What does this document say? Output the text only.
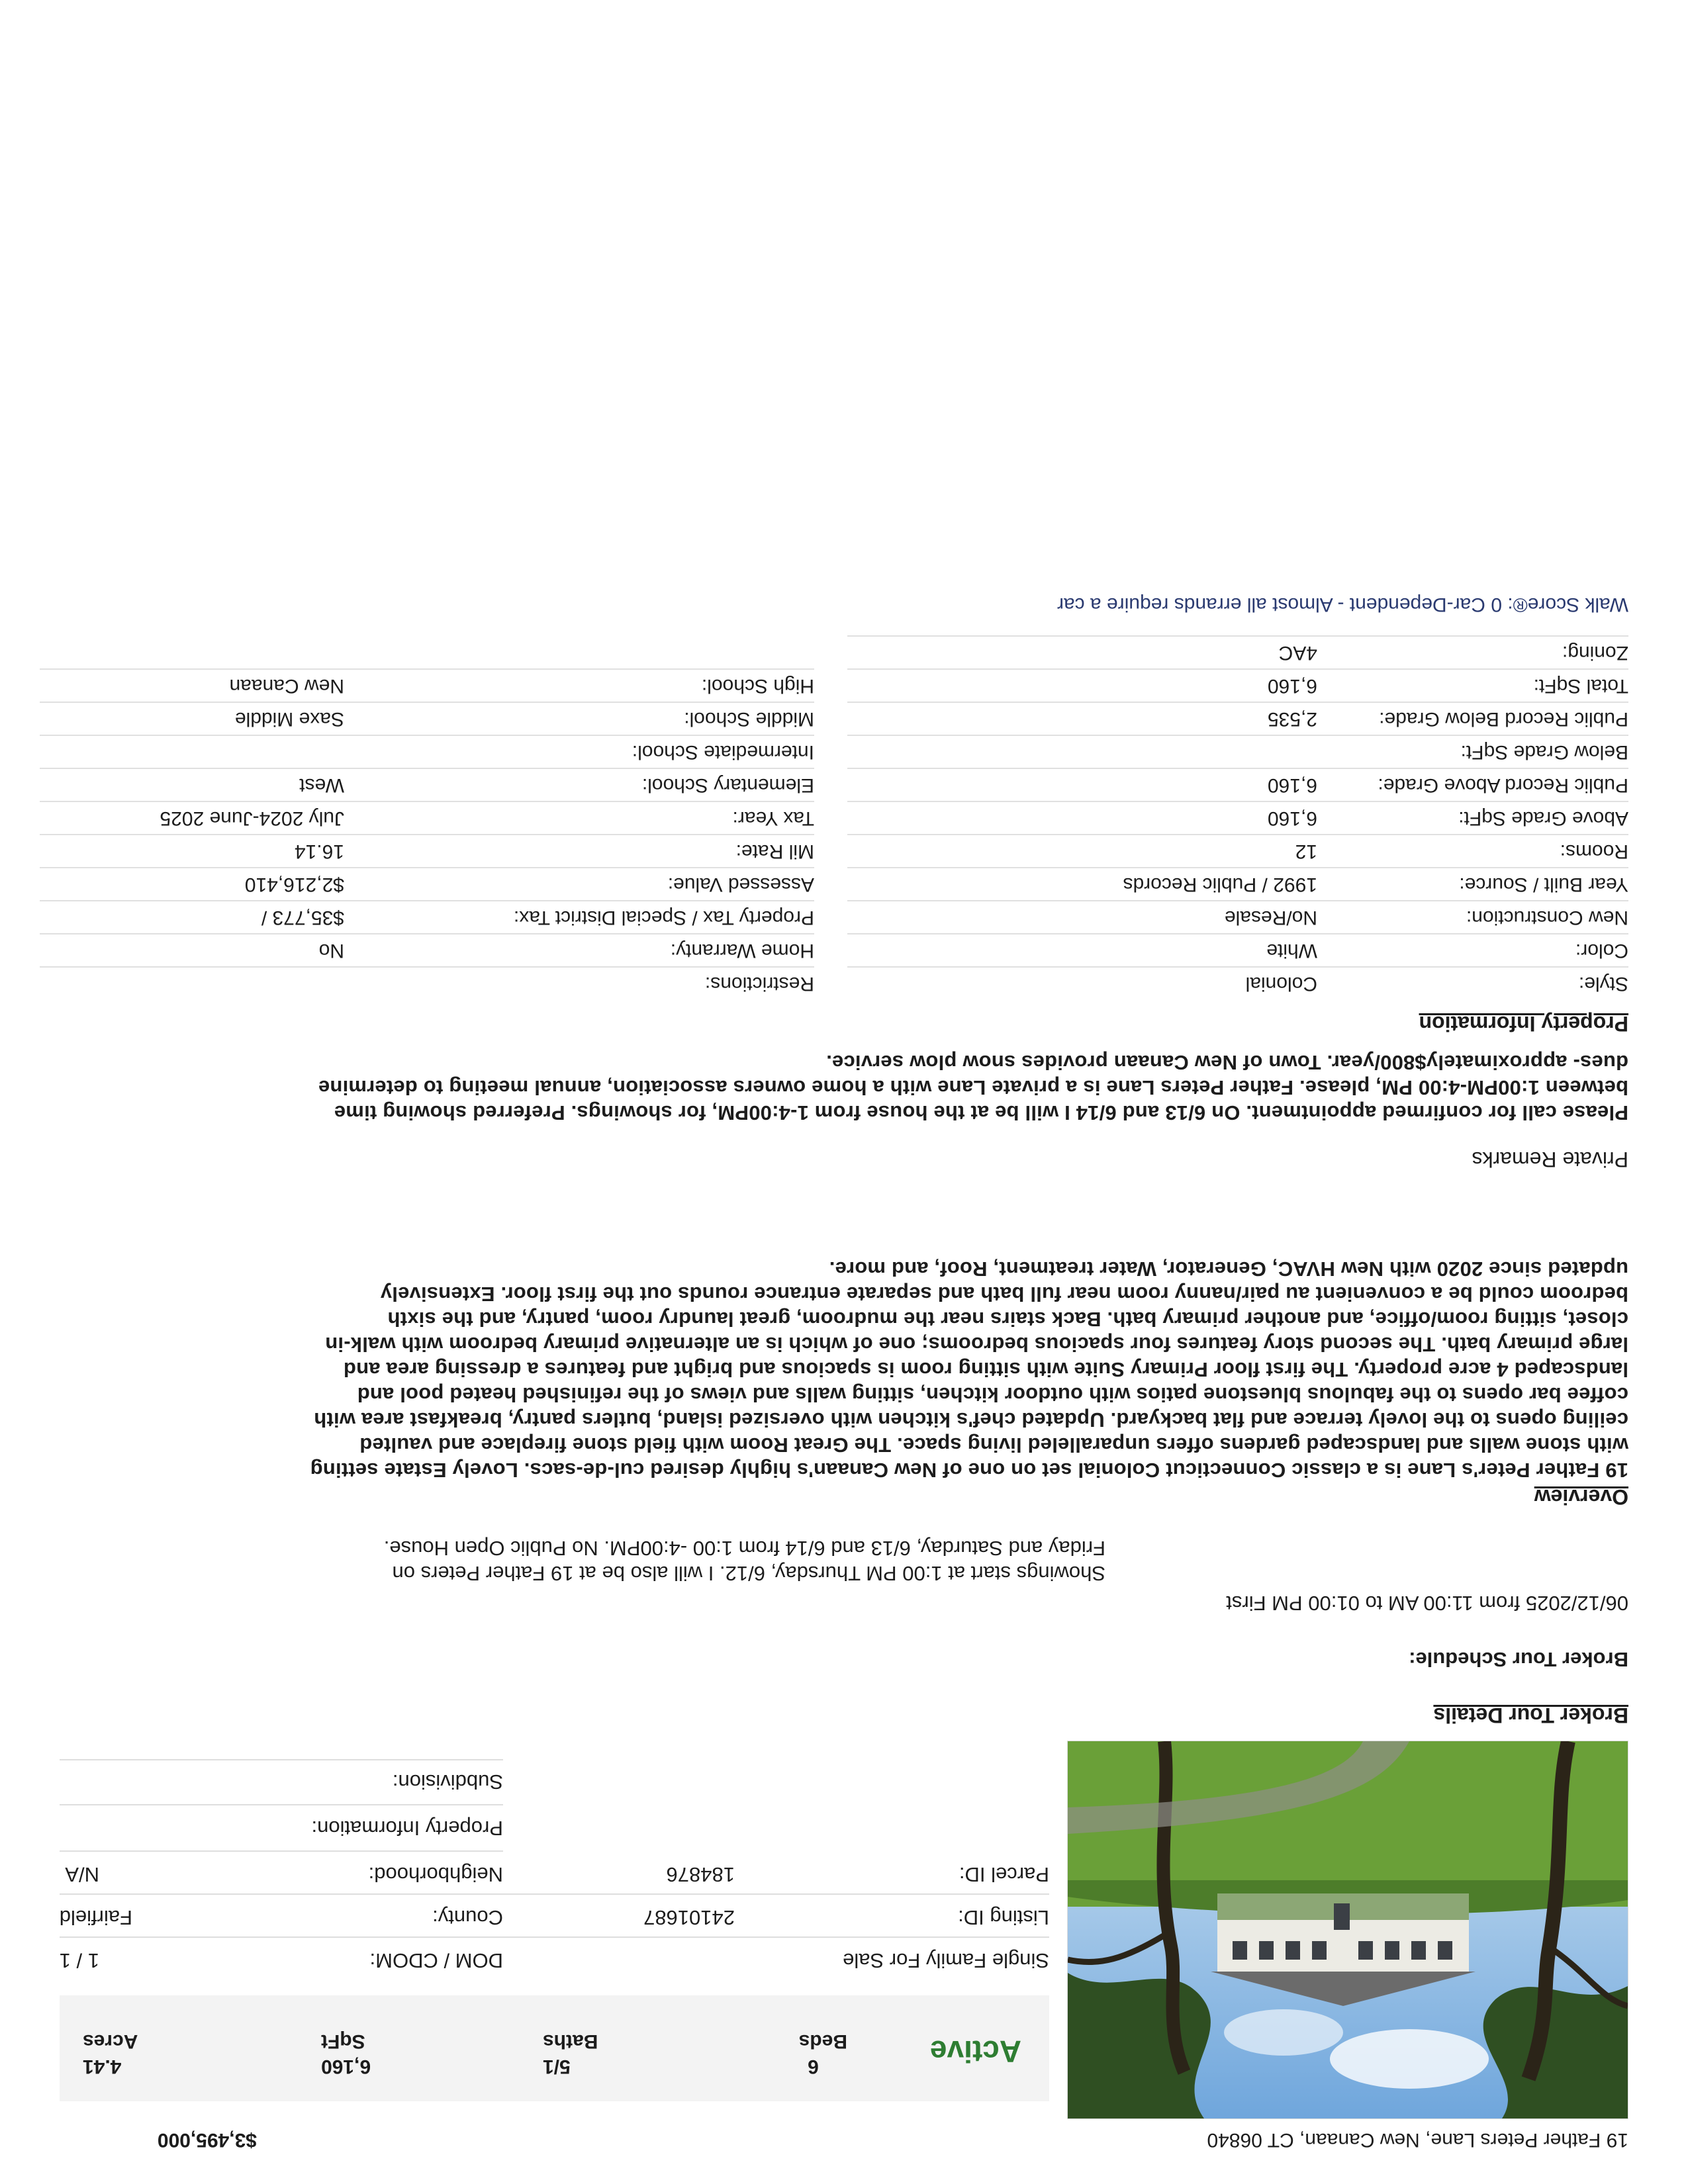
19 Father Peters Lane, New Canaan, CT 06840
$3,495,000
Active
6
Beds
5/1
Baths
6,160
SqFt
4.41
Acres
Single Family For Sale
DOM / CDOM:
1 / 1
Listing ID:
24101687
County:
Fairfield
Parcel ID:
184876
Neighborhood:
N/A
Property Information:
Subdivision:
Broker Tour Details
Broker Tour Schedule:
06/12/2025 from 11:00 AM to 01:00 PM First
Showings start at 1:00 PM Thursday, 6/12. I will also be at 19 Father Peters on
Friday and Saturday, 6/13 and 6/14 from 1:00 -4:00PM. No Public Open House.
Overview
19 Father Peter's Lane is a classic Connecticut Colonial set on one of New Canaan's highly desired cul-de-sacs. Lovely Estate setting
with stone walls and landscaped gardens offers unparalleled living space. The Great Room with field stone fireplace and vaulted
ceiling opens to the lovely terrace and flat backyard. Updated chef's kitchen with oversized island, butlers pantry, breakfast area with
coffee bar opens to the fabulous bluestone patios with outdoor kitchen, sitting walls and views of the refinished heated pool and
landscaped 4 acre property. The first floor Primary Suite with sitting room is spacious and bright and features a dressing area and
large primary bath. The second story features four spacious bedrooms; one of which is an alternative primary bedroom with walk-in
closet, sitting room/office, and another primary bath. Back stairs near the mudroom, great laundry room, pantry, and the sixth
bedroom could be a convenient au pair/nanny room near full bath and separate entrance rounds out the first floor. Extensively
updated since 2020 with New HVAC, Generator, Water treatment, Roof, and more.
Private Remarks
Please call for confirmed appointment. On 6/13 and 6/14 I will be at the house from 1-4:00PM, for showings. Preferred showing time
between 1:00PM-4:00 PM, please. Father Peters Lane is a private Lane with a home owners association, annual meeting to determine
dues- approximately$800/year. Town of New Canaan provides snow plow service.
Property Information
Style:
Colonial
Color:
White
New Construction:
No/Resale
Year Built / Source:
1992 / Public Records
Rooms:
12
Above Grade SqFt:
6,160
Public Record Above Grade:
6,160
Below Grade SqFt:
Public Record Below Grade:
2,535
Total SqFt:
6,160
Zoning:
4AC
Restrictions:
Home Warranty:
No
Property Tax / Special District Tax:
$35,773 /
Assessed Value:
$2,216,410
Mil Rate:
16.14
Tax Year:
July 2024-June 2025
Elementary School:
West
Intermediate School:
Middle School:
Saxe Middle
High School:
New Canaan
Walk Score®: 0 Car-Dependent - Almost all errands require a car
